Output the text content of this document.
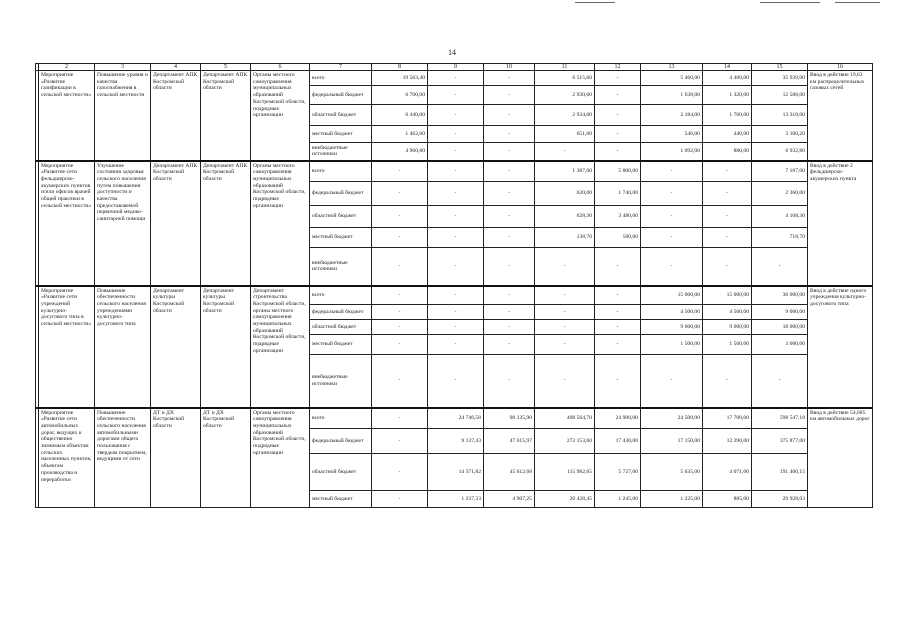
14
1	2	3	4	5	6	7	8	9	10	11	12	13	14	15	16
	Мероприятие «Развитие газификации в сельской местности»	Повышение уровня и качества газоснабжения в сельской местности	Департамент АПК Костромской области	Департамент АПК Костромской области	Органы местного самоуправления муниципальных образований Костромской области, подрядные организации	всего	19 563,40	-	-	6 515,60	-	5 460,00	4 400,00	35 939,00	Ввод в действие 19,63 км распределительных газовых сетей
						федеральный бюджет	6 700,00	-	-	2 930,00	-	1 638,00	1 320,00	12 588,00	
						областной бюджет	6 440,00	-	-	2 934,00	-	2 184,00	1 760,00	13 318,00	
						местный бюджет	1 462,60	-	-	651,60	-	546,00	440,00	3 100,20	
						внебюджетные источники	4 960,80	-	-	-	-	1 092,00	880,00	6 932,80	
	Мероприятие «Развитие сети фельдшерско-акушерских пунктов и/или офисов врачей общей практики в сельской местности»	Улучшение состояния здоровья сельского населения путем повышения доступности и качества предоставляемой первичной медико-санитарной помощи	Департамент АПК Костромской области	Департамент АПК Костромской области	Органы местного самоуправления муниципальных образований Костромской области, подрядные организации	всего	-	-	-	1 387,00	5 800,00	-	-	7 187,00	Ввод в действие 2 фельдшерско-акушерских пункта
						федеральный бюджет	-	-	-	620,00	1 740,00	-	-	2 360,00	
						областной бюджет	-	-	-	628,30	3 480,00	-	-	4 108,30	
						местный бюджет	-	-	-	138,70	580,00	-	-	718,70	
						внебюджетные источники	-	-	-	-	-	-	-	-	
	Мероприятие «Развитие сети учреждений культурно-досугового типа в сельской местности»	Повышение обеспеченности сельского населения учреждениями культурно-досугового типа	Департамент культуры Костромской области	Департамент культуры Костромской области	Департамент строительства Костромской области, органы местного самоуправления муниципальных образований Костромской области, подрядные организации	всего	-	-	-	-	-	15 000,00	15 000,00	30 000,00	Ввод в действие одного учреждения культурно-досугового типа
						федеральный бюджет	-	-	-	-	-	4 500,00	4 500,00	9 000,00	
						областной бюджет	-	-	-	-	-	9 000,00	9 000,00	18 000,00	
						местный бюджет	-	-	-	-	-	1 500,00	1 500,00	3 000,00	
						внебюджетные источники	-	-	-	-	-	-	-	-	
	Мероприятие «Развитие сети автомобильных дорог, ведущих к общественно значимым объектам сельских населенных пунктов, объектам производства и переработки	Повышение обеспеченности сельского населения автомобильными дорогами общего пользования с твердым покрытием, ведущими от сети	ДТ и ДХ Костромской области	ДТ и ДХ Костромской области	Органы местного самоуправления муниципальных образований Костромской области, подрядные организации	всего	-	24 746,58	98 135,90	408 564,70	24 900,00	24 500,00	17 700,00	598 547,18	Ввод в действие 54,685 км автомобильных дорог
						федеральный бюджет	-	9 137,43	47 615,97	272 153,60	17 430,00	17 150,00	12 390,00	375 877,00	
						областной бюджет	-	14 371,82	45 612,68	115 982,65	5 727,00	5 635,00	4 071,00	191 400,15	
						местный бюджет	-	1 237,33	4 907,25	20 428,45	1 245,00	1 225,00	885,00	29 928,03	
